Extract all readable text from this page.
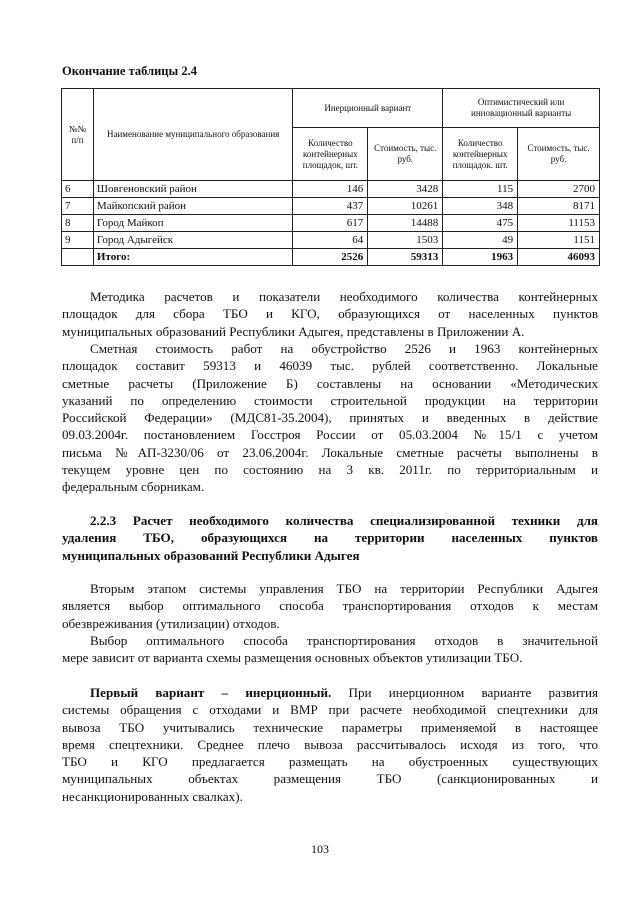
Окончание таблицы 2.4
№№ п/п	Наименование муниципального образования	Инерционный вариант		Оптимистический или инновационный варианты	
		Количество контейнерных площадок, шт.	Стоимость, тыс. руб.	Количество контейнерных площадок. шт.	Стоимость, тыс. руб.
6	Шовгеновский район	146	3428	115	2700
7	Майкопский район	437	10261	348	8171
8	Город Майкоп	617	14488	475	11153
9	Город Адыгейск	64	1503	49	1151
	Итого:	2526	59313	1963	46093
Методика расчетов и показатели необходимого количества контейнерных
площадок для сбора ТБО и КГО, образующихся от населенных пунктов
муниципальных образований Республики Адыгея, представлены в Приложении А.
Сметная стоимость работ на обустройство 2526 и 1963 контейнерных
площадок составит 59313 и 46039 тыс. рублей соответственно. Локальные
сметные расчеты (Приложение Б) составлены на основании «Методических
указаний по определению стоимости строительной продукции на территории
Российской Федерации» (МДС81-35.2004), принятых и введенных в действие
09.03.2004г. постановлением Госстроя России от 05.03.2004 №15/1 с учетом
письма №АП-3230/06 от 23.06.2004г. Локальные сметные расчеты выполнены в
текущем уровне цен по состоянию на 3 кв. 2011г. по территориальным и
федеральным сборникам.
2.2.3 Расчет необходимого количества специализированной техники для
удаления ТБО, образующихся на территории населенных пунктов
муниципальных образований Республики Адыгея
Вторым этапом системы управления ТБО на территории Республики Адыгея
является выбор оптимального способа транспортирования отходов к местам
обезвреживания (утилизации) отходов.
Выбор оптимального способа транспортирования отходов в значительной
мере зависит от варианта схемы размещения основных объектов утилизации ТБО.
Первый вариант – инерционный. При инерционном варианте развития
системы обращения с отходами и ВМР при расчете необходимой спецтехники для
вывоза ТБО учитывались технические параметры применяемой в настоящее
время спецтехники. Среднее плечо вывоза рассчитывалось исходя из того, что
ТБО и КГО предлагается размещать на обустроенных существующих
муниципальных объектах размещения ТБО (санкционированных и
несанкционированных свалках).
103
